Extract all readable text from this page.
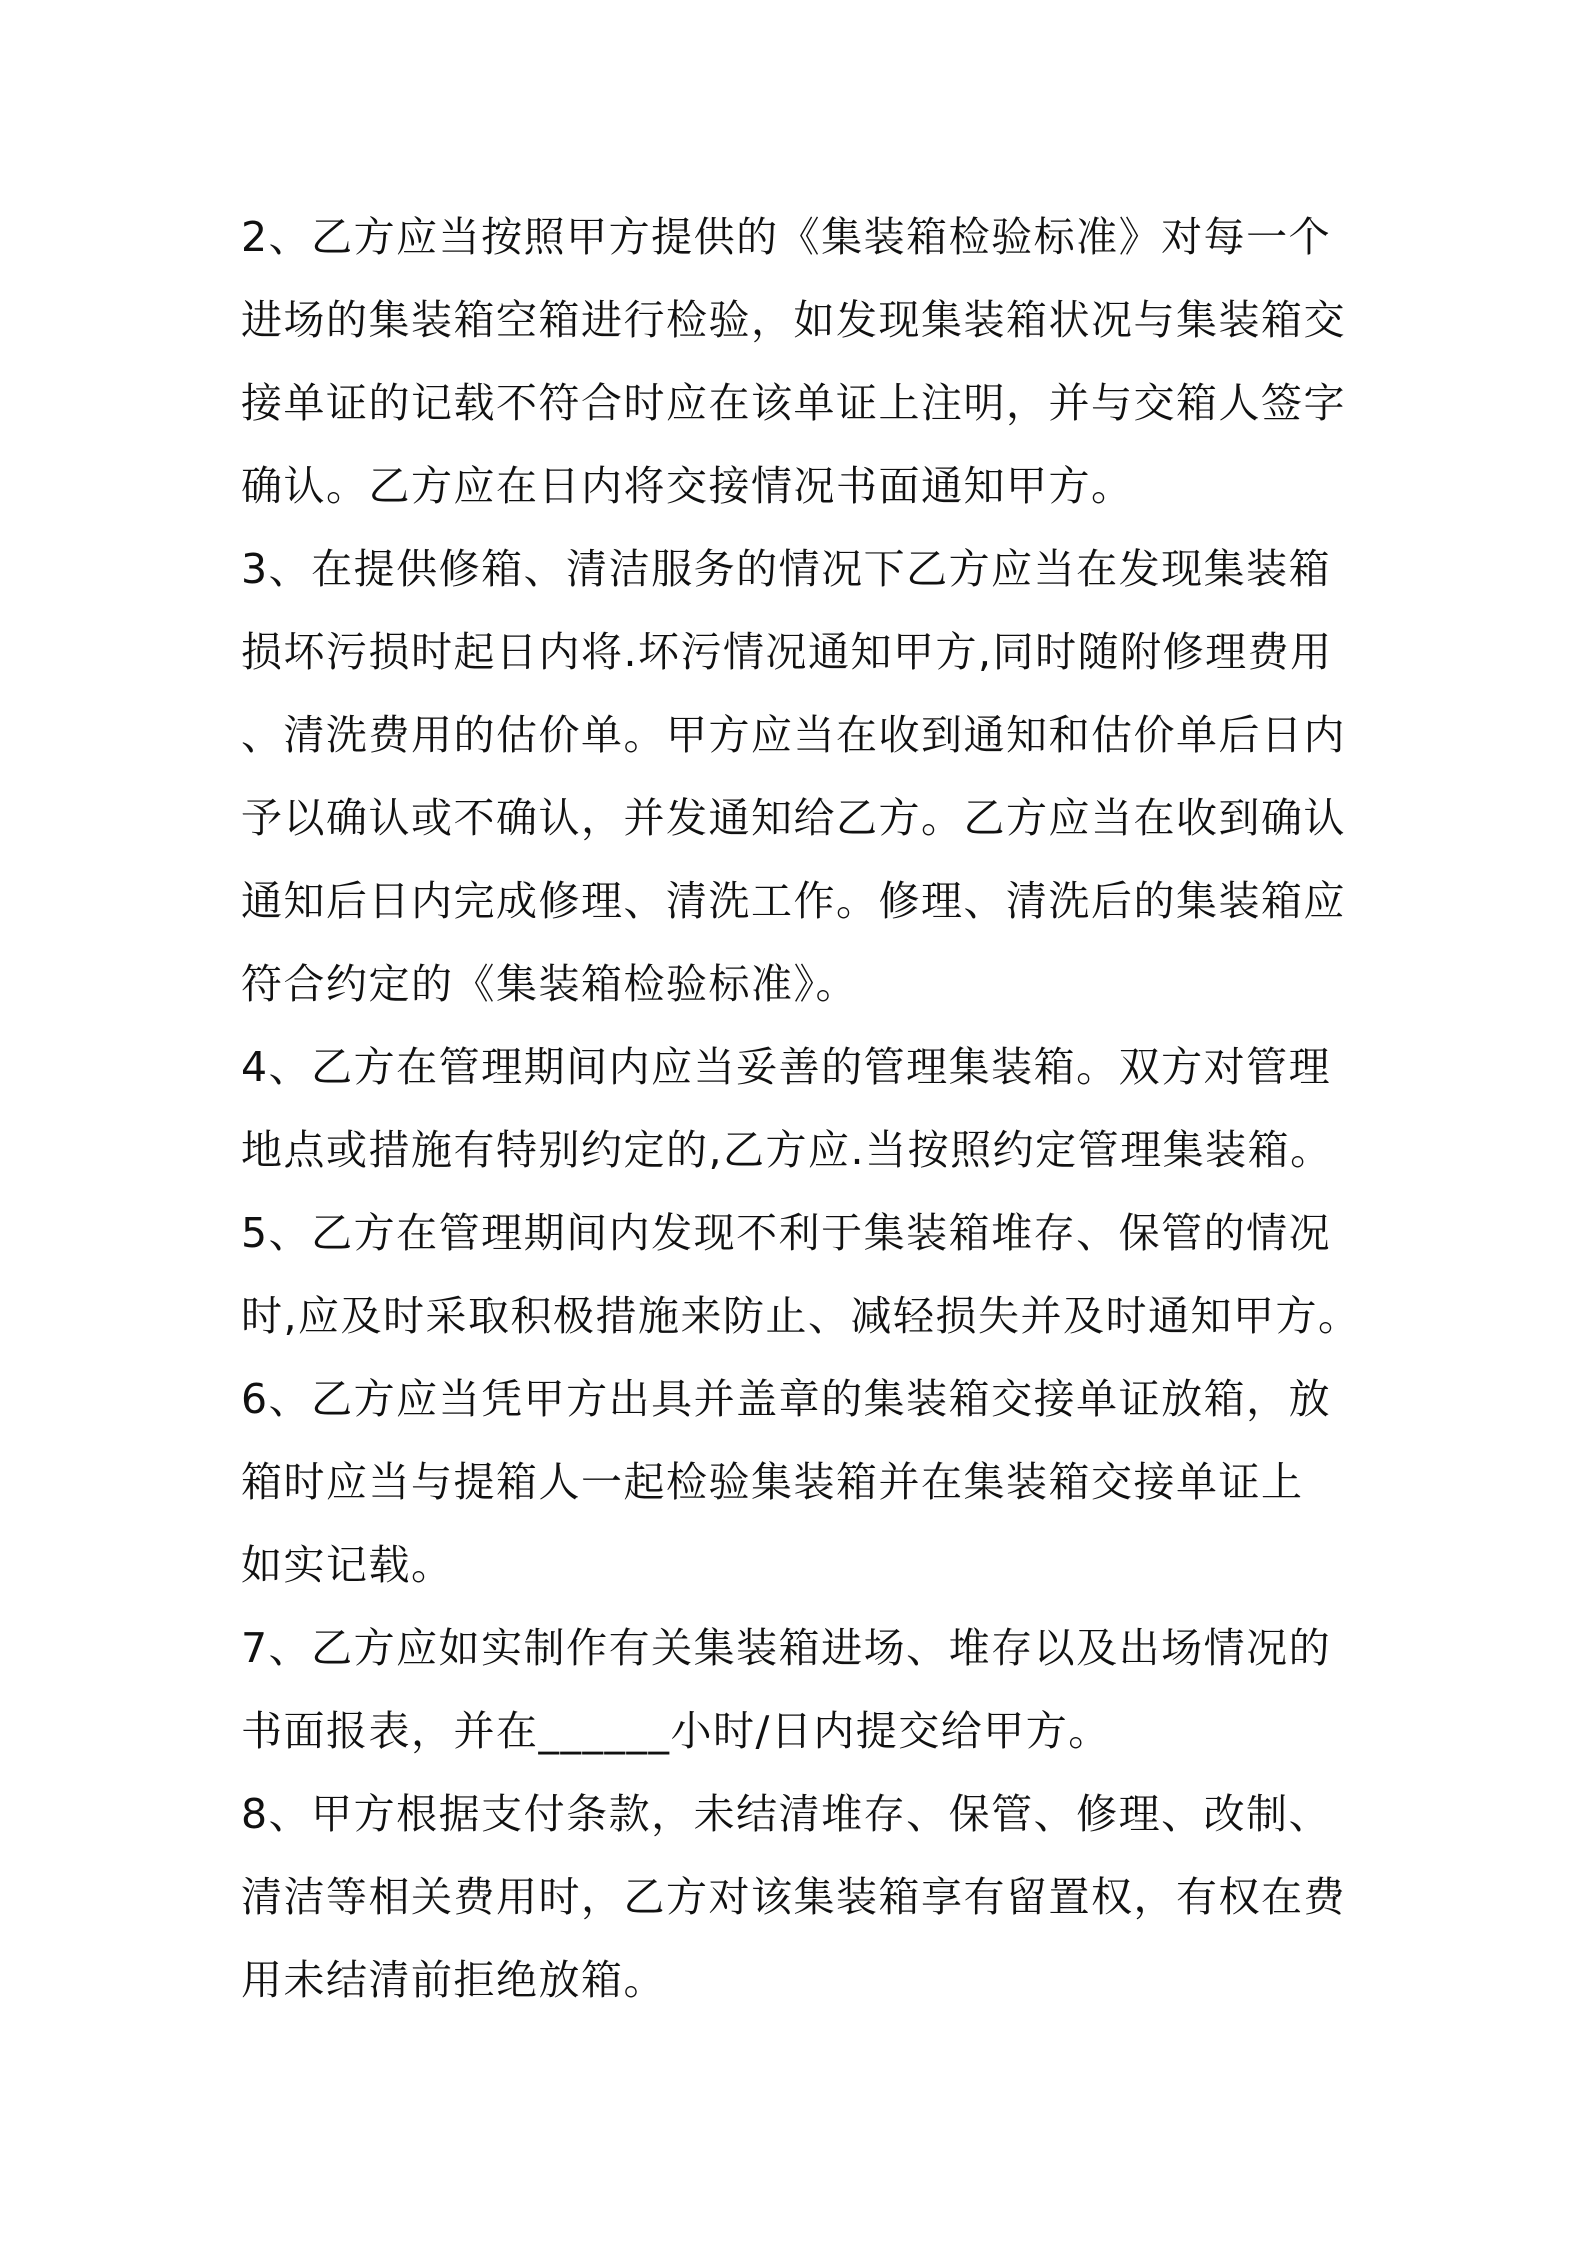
2、乙方应当按照甲方提供的《集装箱检验标准》对每一个
进场的集装箱空箱进行检验，如发现集装箱状况与集装箱交
接单证的记载不符合时应在该单证上注明，并与交箱人签字
确认。乙方应在日内将交接情况书面通知甲方。
3、在提供修箱、清洁服务的情况下乙方应当在发现集装箱
损坏污损时起日内将.坏污情况通知甲方,同时随附修理费用
、清洗费用的估价单。甲方应当在收到通知和估价单后日内
予以确认或不确认，并发通知给乙方。乙方应当在收到确认
通知后日内完成修理、清洗工作。修理、清洗后的集装箱应
符合约定的《集装箱检验标准》。
4、乙方在管理期间内应当妥善的管理集装箱。双方对管理
地点或措施有特别约定的,乙方应.当按照约定管理集装箱。
5、乙方在管理期间内发现不利于集装箱堆存、保管的情况
时,应及时采取积极措施来防止、减轻损失并及时通知甲方。
6、乙方应当凭甲方出具并盖章的集装箱交接单证放箱，放
箱时应当与提箱人一起检验集装箱并在集装箱交接单证上
如实记载。
7、乙方应如实制作有关集装箱进场、堆存以及出场情况的
书面报表，并在______小时/日内提交给甲方。
8、甲方根据支付条款，未结清堆存、保管、修理、改制、
清洁等相关费用时，乙方对该集装箱享有留置权，有权在费
用未结清前拒绝放箱。
